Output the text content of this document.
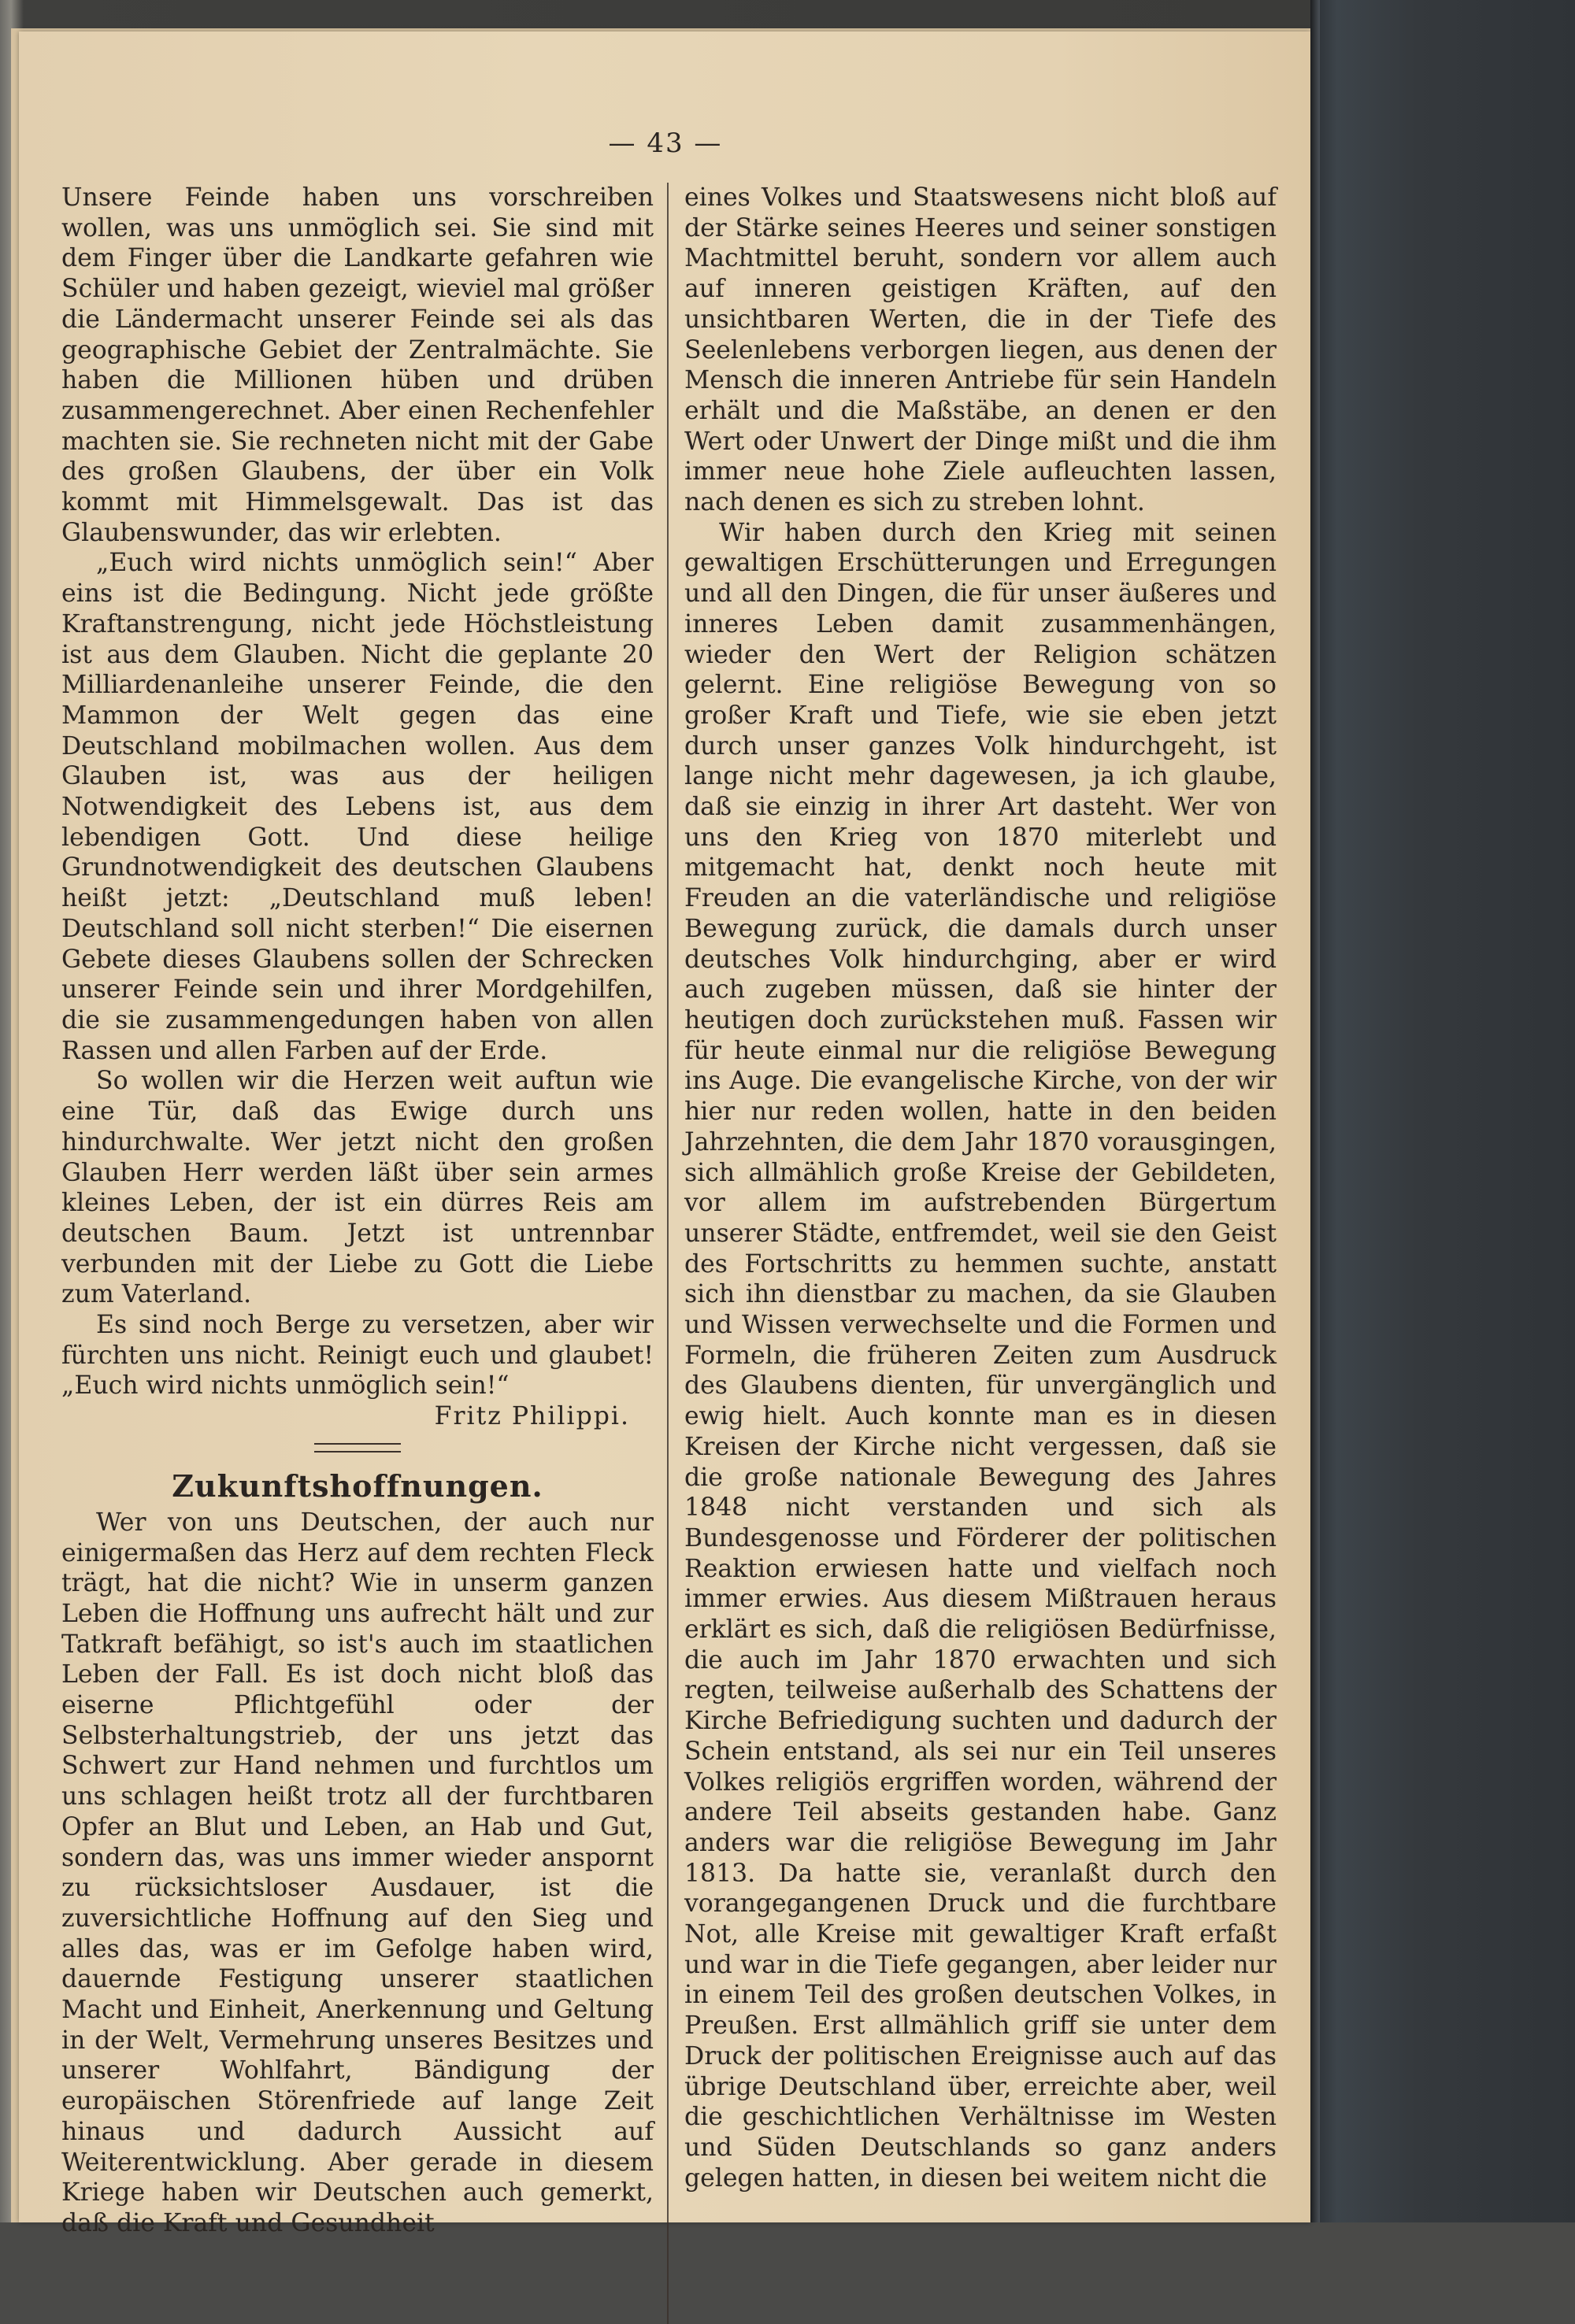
— 43 —

Unsere Feinde haben uns vorschreiben wollen, was uns unmöglich sei. Sie sind mit dem Finger über die Landkarte gefahren wie Schüler und haben gezeigt, wieviel mal größer die Ländermacht unserer Feinde sei als das geographische Gebiet der Zentralmächte. Sie haben die Millionen hüben und drüben zusammengerechnet. Aber einen Rechenfehler machten sie. Sie rechneten nicht mit der Gabe des großen Glaubens, der über ein Volk kommt mit Himmelsgewalt. Das ist das Glaubenswunder, das wir erlebten.

„Euch wird nichts unmöglich sein!“ Aber eins ist die Bedingung. Nicht jede größte Kraftanstrengung, nicht jede Höchstleistung ist aus dem Glauben. Nicht die geplante 20 Milliardenanleihe unserer Feinde, die den Mammon der Welt gegen das eine Deutschland mobilmachen wollen. Aus dem Glauben ist, was aus der heiligen Notwendigkeit des Lebens ist, aus dem lebendigen Gott. Und diese heilige Grundnotwendigkeit des deutschen Glaubens heißt jetzt: „Deutschland muß leben! Deutschland soll nicht sterben!“ Die eisernen Gebete dieses Glaubens sollen der Schrecken unserer Feinde sein und ihrer Mordgehilfen, die sie zusammengedungen haben von allen Rassen und allen Farben auf der Erde.

So wollen wir die Herzen weit auftun wie eine Tür, daß das Ewige durch uns hindurchwalte. Wer jetzt nicht den großen Glauben Herr werden läßt über sein armes kleines Leben, der ist ein dürres Reis am deutschen Baum. Jetzt ist untrennbar verbunden mit der Liebe zu Gott die Liebe zum Vaterland.

Es sind noch Berge zu versetzen, aber wir fürchten uns nicht. Reinigt euch und glaubet! „Euch wird nichts unmöglich sein!“

Fritz Philippi.

Zukunftshoffnungen.

Wer von uns Deutschen, der auch nur einigermaßen das Herz auf dem rechten Fleck trägt, hat die nicht? Wie in unserm ganzen Leben die Hoffnung uns aufrecht hält und zur Tatkraft befähigt, so ist's auch im staatlichen Leben der Fall. Es ist doch nicht bloß das eiserne Pflichtgefühl oder der Selbsterhaltungstrieb, der uns jetzt das Schwert zur Hand nehmen und furchtlos um uns schlagen heißt trotz all der furchtbaren Opfer an Blut und Leben, an Hab und Gut, sondern das, was uns immer wieder anspornt zu rücksichtsloser Ausdauer, ist die zuversichtliche Hoffnung auf den Sieg und alles das, was er im Gefolge haben wird, dauernde Festigung unserer staatlichen Macht und Einheit, Anerkennung und Geltung in der Welt, Vermehrung unseres Besitzes und unserer Wohlfahrt, Bändigung der europäischen Störenfriede auf lange Zeit hinaus und dadurch Aussicht auf Weiterentwicklung. Aber gerade in diesem Kriege haben wir Deutschen auch gemerkt, daß die Kraft und Gesundheit

eines Volkes und Staatswesens nicht bloß auf der Stärke seines Heeres und seiner sonstigen Machtmittel beruht, sondern vor allem auch auf inneren geistigen Kräften, auf den unsichtbaren Werten, die in der Tiefe des Seelenlebens verborgen liegen, aus denen der Mensch die inneren Antriebe für sein Handeln erhält und die Maßstäbe, an denen er den Wert oder Unwert der Dinge mißt und die ihm immer neue hohe Ziele aufleuchten lassen, nach denen es sich zu streben lohnt.

Wir haben durch den Krieg mit seinen gewaltigen Erschütterungen und Erregungen und all den Dingen, die für unser äußeres und inneres Leben damit zusammenhängen, wieder den Wert der Religion schätzen gelernt. Eine religiöse Bewegung von so großer Kraft und Tiefe, wie sie eben jetzt durch unser ganzes Volk hindurchgeht, ist lange nicht mehr dagewesen, ja ich glaube, daß sie einzig in ihrer Art dasteht. Wer von uns den Krieg von 1870 miterlebt und mitgemacht hat, denkt noch heute mit Freuden an die vaterländische und religiöse Bewegung zurück, die damals durch unser deutsches Volk hindurchging, aber er wird auch zugeben müssen, daß sie hinter der heutigen doch zurückstehen muß. Fassen wir für heute einmal nur die religiöse Bewegung ins Auge. Die evangelische Kirche, von der wir hier nur reden wollen, hatte in den beiden Jahrzehnten, die dem Jahr 1870 vorausgingen, sich allmählich große Kreise der Gebildeten, vor allem im aufstrebenden Bürgertum unserer Städte, entfremdet, weil sie den Geist des Fortschritts zu hemmen suchte, anstatt sich ihn dienstbar zu machen, da sie Glauben und Wissen verwechselte und die Formen und Formeln, die früheren Zeiten zum Ausdruck des Glaubens dienten, für unvergänglich und ewig hielt. Auch konnte man es in diesen Kreisen der Kirche nicht vergessen, daß sie die große nationale Bewegung des Jahres 1848 nicht verstanden und sich als Bundesgenosse und Förderer der politischen Reaktion erwiesen hatte und vielfach noch immer erwies. Aus diesem Mißtrauen heraus erklärt es sich, daß die religiösen Bedürfnisse, die auch im Jahr 1870 erwachten und sich regten, teilweise außerhalb des Schattens der Kirche Befriedigung suchten und dadurch der Schein entstand, als sei nur ein Teil unseres Volkes religiös ergriffen worden, während der andere Teil abseits gestanden habe. Ganz anders war die religiöse Bewegung im Jahr 1813. Da hatte sie, veranlaßt durch den vorangegangenen Druck und die furchtbare Not, alle Kreise mit gewaltiger Kraft erfaßt und war in die Tiefe gegangen, aber leider nur in einem Teil des großen deutschen Volkes, in Preußen. Erst allmählich griff sie unter dem Druck der politischen Ereignisse auch auf das übrige Deutschland über, erreichte aber, weil die geschichtlichen Verhältnisse im Westen und Süden Deutschlands so ganz anders gelegen hatten, in diesen bei weitem nicht die
